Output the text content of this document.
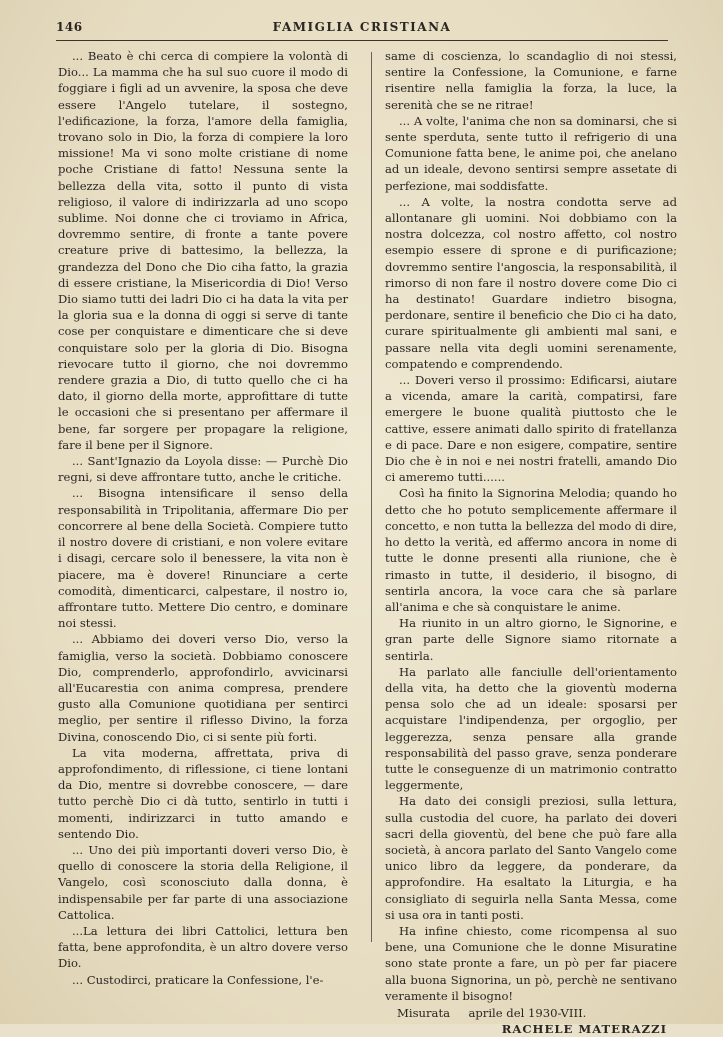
146	FAMIGLIA CRISTIANA

... Beato è chi cerca di compiere la volontà di Dio... La mamma che ha sul suo cuore il modo di foggiare i figli ad un avvenire, la sposa che deve essere l'Angelo tutelare, il sostegno, l'edificazione, la forza, l'amore della famiglia, trovano solo in Dio, la forza di compiere la loro missione! Ma vi sono molte cristiane di nome poche Cristiane di fatto! Nessuna sente la bellezza della vita, sotto il punto di vista religioso, il valore di indirizzarla ad uno scopo sublime. Noi donne che ci troviamo in Africa, dovremmo sentire, di fronte a tante povere creature prive di battesimo, la bellezza, la grandezza del Dono che Dio ciha fatto, la grazia di essere cristiane, la Misericordia di Dio! Verso Dio siamo tutti dei ladri Dio ci ha data la vita per la gloria sua e la donna di oggi si serve di tante cose per conquistare e dimenticare che si deve conquistare solo per la gloria di Dio. Bisogna rievocare tutto il giorno, che noi dovremmo rendere grazia a Dio, di tutto quello che ci ha dato, il giorno della morte, approfittare di tutte le occasioni che si presentano per affermare il bene, far sorgere per propagare la religione, fare il bene per il Signore.

... Sant'Ignazio da Loyola disse: — Purchè Dio regni, si deve affrontare tutto, anche le critiche.

... Bisogna intensificare il senso della responsabilità in Tripolitania, affermare Dio per concorrere al bene della Società. Compiere tutto il nostro dovere di cristiani, e non volere evitare i disagi, cercare solo il benessere, la vita non è piacere, ma è dovere! Rinunciare a certe comodità, dimenticarci, calpestare, il nostro io, affrontare tutto. Mettere Dio centro, e dominare noi stessi.

... Abbiamo dei doveri verso Dio, verso la famiglia, verso la società. Dobbiamo conoscere Dio, comprenderlo, approfondirlo, avvicinarsi all'Eucarestia con anima compresa, prendere gusto alla Comunione quotidiana per sentirci meglio, per sentire il riflesso Divino, la forza Divina, conoscendo Dio, ci si sente più forti.

La vita moderna, affrettata, priva di approfondimento, di riflessione, ci tiene lontani da Dio, mentre si dovrebbe conoscere, — dare tutto perchè Dio ci dà tutto, sentirlo in tutti i momenti, indirizzarci in tutto amando e sentendo Dio.

... Uno dei più importanti doveri verso Dio, è quello di conoscere la storia della Religione, il Vangelo, così sconosciuto dalla donna, è indispensabile per far parte di una associazione Cattolica.

...La lettura dei libri Cattolici, lettura ben fatta, bene approfondita, è un altro dovere verso Dio.

... Custodirci, praticare la Confessione, l'e-

same di coscienza, lo scandaglio di noi stessi, sentire la Confessione, la Comunione, e farne risentire nella famiglia la forza, la luce, la serenità che se ne ritrae!

... A volte, l'anima che non sa dominarsi, che si sente sperduta, sente tutto il refrigerio di una Comunione fatta bene, le anime poi, che anelano ad un ideale, devono sentirsi sempre assetate di perfezione, mai soddisfatte.

... A volte, la nostra condotta serve ad allontanare gli uomini. Noi dobbiamo con la nostra dolcezza, col nostro affetto, col nostro esempio essere di sprone e di purificazione; dovremmo sentire l'angoscia, la responsabilità, il rimorso di non fare il nostro dovere come Dio ci ha destinato! Guardare indietro bisogna, perdonare, sentire il beneficio che Dio ci ha dato, curare spiritualmente gli ambienti mal sani, e passare nella vita degli uomini serenamente, compatendo e comprendendo.

... Doveri verso il prossimo: Edificarsi, aiutare a vicenda, amare la carità, compatirsi, fare emergere le buone qualità piuttosto che le cattive, essere animati dallo spirito di fratellanza e di pace. Dare e non esigere, compatire, sentire Dio che è in noi e nei nostri fratelli, amando Dio ci ameremo tutti......

Così ha finito la Signorina Melodia; quando ho detto che ho potuto semplicemente affermare il concetto, e non tutta la bellezza del modo di dire, ho detto la verità, ed affermo ancora in nome di tutte le donne presenti alla riunione, che è rimasto in tutte, il desiderio, il bisogno, di sentirla ancora, la voce cara che sà parlare all'anima e che sà conquistare le anime.

Ha riunito in un altro giorno, le Signorine, e gran parte delle Signore siamo ritornate a sentirla.

Ha parlato alle fanciulle dell'orientamento della vita, ha detto che la gioventù moderna pensa solo che ad un ideale: sposarsi per acquistare l'indipendenza, per orgoglio, per leggerezza, senza pensare alla grande responsabilità del passo grave, senza ponderare tutte le conseguenze di un matrimonio contratto leggermente,

Ha dato dei consigli preziosi, sulla lettura, sulla custodia del cuore, ha parlato dei doveri sacri della gioventù, del bene che può fare alla società, à ancora parlato del Santo Vangelo come unico libro da leggere, da ponderare, da approfondire. Ha esaltato la Liturgia, e ha consigliato di seguirla nella Santa Messa, come si usa ora in tanti posti.

Ha infine chiesto, come ricompensa al suo bene, una Comunione che le donne Misuratine sono state pronte a fare, un pò per far piacere alla buona Signorina, un pò, perchè ne sentivano veramente il bisogno!

Misurata     aprile del 1930-VIII.
RACHELE MATERAZZI
